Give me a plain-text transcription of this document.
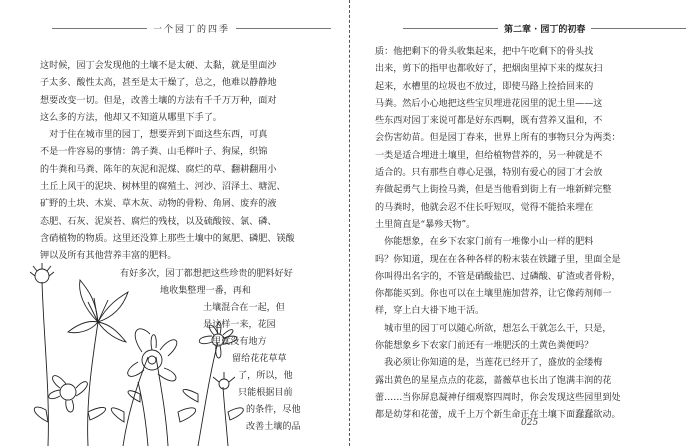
一个园丁的四季
这时候，园丁会发现他的土壤不是太硬、太黏，就是里面沙
子太多、酸性太高，甚至是太干燥了，总之，他难以静静地
想要改变一切。但是，改善土壤的方法有千千万万种，面对
这么多的方法，他却又不知道从哪里下手了。
　对于住在城市里的园丁，想要弄到下面这些东西，可真
不是一件容易的事情：鸽子粪、山毛榉叶子、狗屎，织锦
的牛粪和马粪、陈年的灰泥和泥煤、腐烂的草、翻耕翻用小
土丘上风干的泥块、树林里的腐殖土、河沙、沼泽土、塘泥、
矿野的土块、木炭、草木灰、动物的骨粉、角屑、废弃的液
态肥、石灰、泥炭苔、腐烂的残枝，以及硫酸铵、氯、磷、
含硝植物的物质。这里还没算上那些土壤中的氮肥、磷肥、镁酸
钾以及所有其他营养丰富的肥料。
有好多次，园丁都想把这些珍贵的肥料好好
地收集整理一番，再和
土壤混合在一起，但
是这样一来，花园
里就没有地方
留给花花草草
了，所以，他
只能根据目前
的条件，尽他
改善土壤的品
第二章 · 园丁的初春
质：他把剩下的骨头收集起来，把中午吃剩下的骨头找
出来，剪下的指甲也都收好了，把烟囱里掉下来的煤灰扫
起来，水槽里的垃圾也不放过，即使马路上捡拾回来的
马粪。然后小心地把这些宝贝埋进花园里的泥土里——这
些东西对园丁来说可都是好东西啊，既有营养又温和，不
会伤害幼苗。但是园丁春来，世界上所有的事物只分为两类：
一类是适合埋进土壤里，但给植物营养的，另一种就是不
适合的。只有那些自尊心足强，特别有爱心的园丁才会放
弃做起勇气上街捡马粪，但是当他看到街上有一堆新鲜完整
的马粪时，他就会忍不住长吁短叹，觉得不能拾来埋在
土里简直是“暴殄天物”。
　你能想象，在乡下农家门前有一堆像小山一样的肥料
吗？你知道，现在在各种各样的粉末装在铁罐子里，里面全是
你叫得出名字的，不管是硝酸盐巴、过磷酸、矿渣或者骨粉，
你都能买到。你也可以在土壤里施加营养，让它像药剂师一
样，穿上白大褂下地干活。
　城市里的园丁可以随心所欲，想怎么干就怎么干，只是，
你能想象乡下农家门前还有一堆肥沃的土黄色粪便吗？
　我必须让你知道的是，当莲花已经开了，盛放的金缕梅
露出黄色的星星点点的花蕊，蔷薇草也长出了饱满丰润的花
蕾……当你屏息凝神仔细观察四周时，你会发现这些园里到处
都是幼芽和花蕾，成千上万个新生命正在土壤下面蠢蠢欲动。
025
